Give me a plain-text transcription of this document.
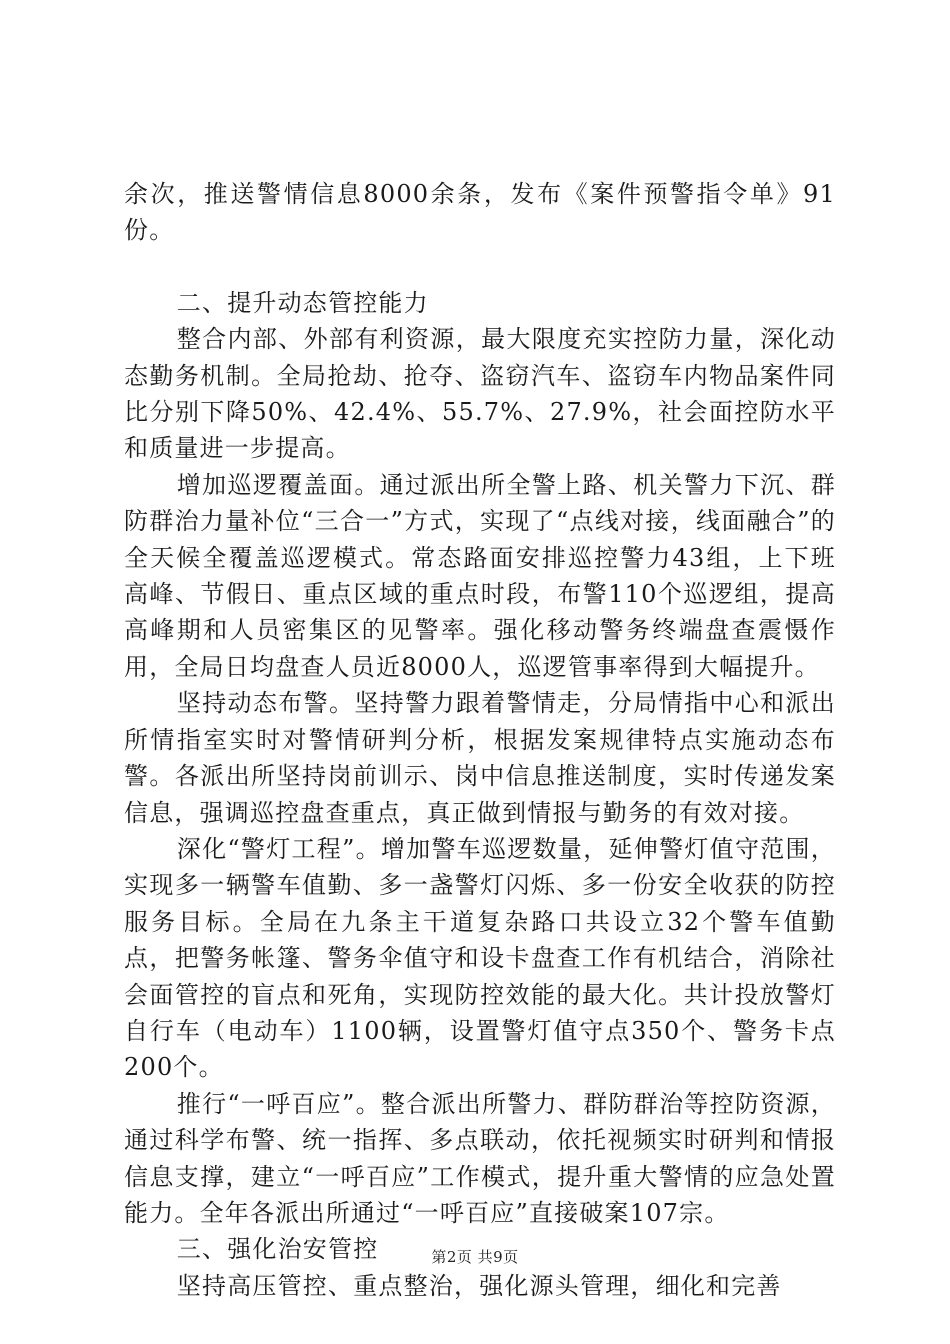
余次，推送警情信息8000余条，发布《案件预警指令单》91份。

二、提升动态管控能力

整合内部、外部有利资源，最大限度充实控防力量，深化动态勤务机制。全局抢劫、抢夺、盗窃汽车、盗窃车内物品案件同比分别下降50%、42.4%、55.7%、27.9%，社会面控防水平和质量进一步提高。

增加巡逻覆盖面。通过派出所全警上路、机关警力下沉、群防群治力量补位“三合一”方式，实现了“点线对接，线面融合”的全天候全覆盖巡逻模式。常态路面安排巡控警力43组，上下班高峰、节假日、重点区域的重点时段，布警110个巡逻组，提高高峰期和人员密集区的见警率。强化移动警务终端盘查震慑作用，全局日均盘查人员近8000人，巡逻管事率得到大幅提升。

坚持动态布警。坚持警力跟着警情走，分局情指中心和派出所情指室实时对警情研判分析，根据发案规律特点实施动态布警。各派出所坚持岗前训示、岗中信息推送制度，实时传递发案信息，强调巡控盘查重点，真正做到情报与勤务的有效对接。

深化“警灯工程”。增加警车巡逻数量，延伸警灯值守范围，实现多一辆警车值勤、多一盏警灯闪烁、多一份安全收获的防控服务目标。全局在九条主干道复杂路口共设立32个警车值勤点，把警务帐篷、警务伞值守和设卡盘查工作有机结合，消除社会面管控的盲点和死角，实现防控效能的最大化。共计投放警灯自行车（电动车）1100辆，设置警灯值守点350个、警务卡点200个。

推行“一呼百应”。整合派出所警力、群防群治等控防资源，通过科学布警、统一指挥、多点联动，依托视频实时研判和情报信息支撑，建立“一呼百应”工作模式，提升重大警情的应急处置能力。全年各派出所通过“一呼百应”直接破案107宗。

三、强化治安管控

坚持高压管控、重点整治，强化源头管理，细化和完善

第2页 共9页
